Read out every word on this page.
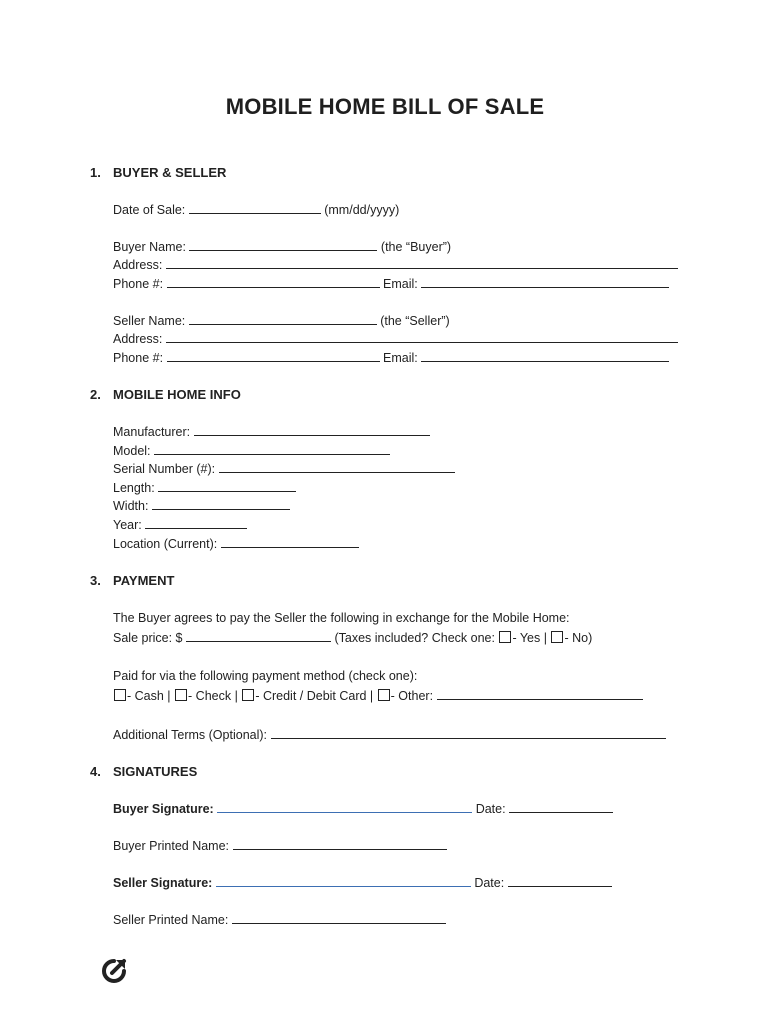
MOBILE HOME BILL OF SALE
1. BUYER & SELLER
Date of Sale:	(mm/dd/yyyy)
Buyer Name:	(the “Buyer”)
Address:
Phone #:	Email:
Seller Name:	(the “Seller”)
Address:
Phone #:	Email:
2. MOBILE HOME INFO
Manufacturer:
Model:
Serial Number (#):
Length:
Width:
Year:
Location (Current):
3. PAYMENT
The Buyer agrees to pay the Seller the following in exchange for the Mobile Home:
Sale price: $	(Taxes included? Check one: - Yes | - No)
Paid for via the following payment method (check one):
- Cash | - Check | - Credit / Debit Card | - Other:
Additional Terms (Optional):
4. SIGNATURES
Buyer Signature:	Date:
Buyer Printed Name:
Seller Signature:	Date:
Seller Printed Name:
